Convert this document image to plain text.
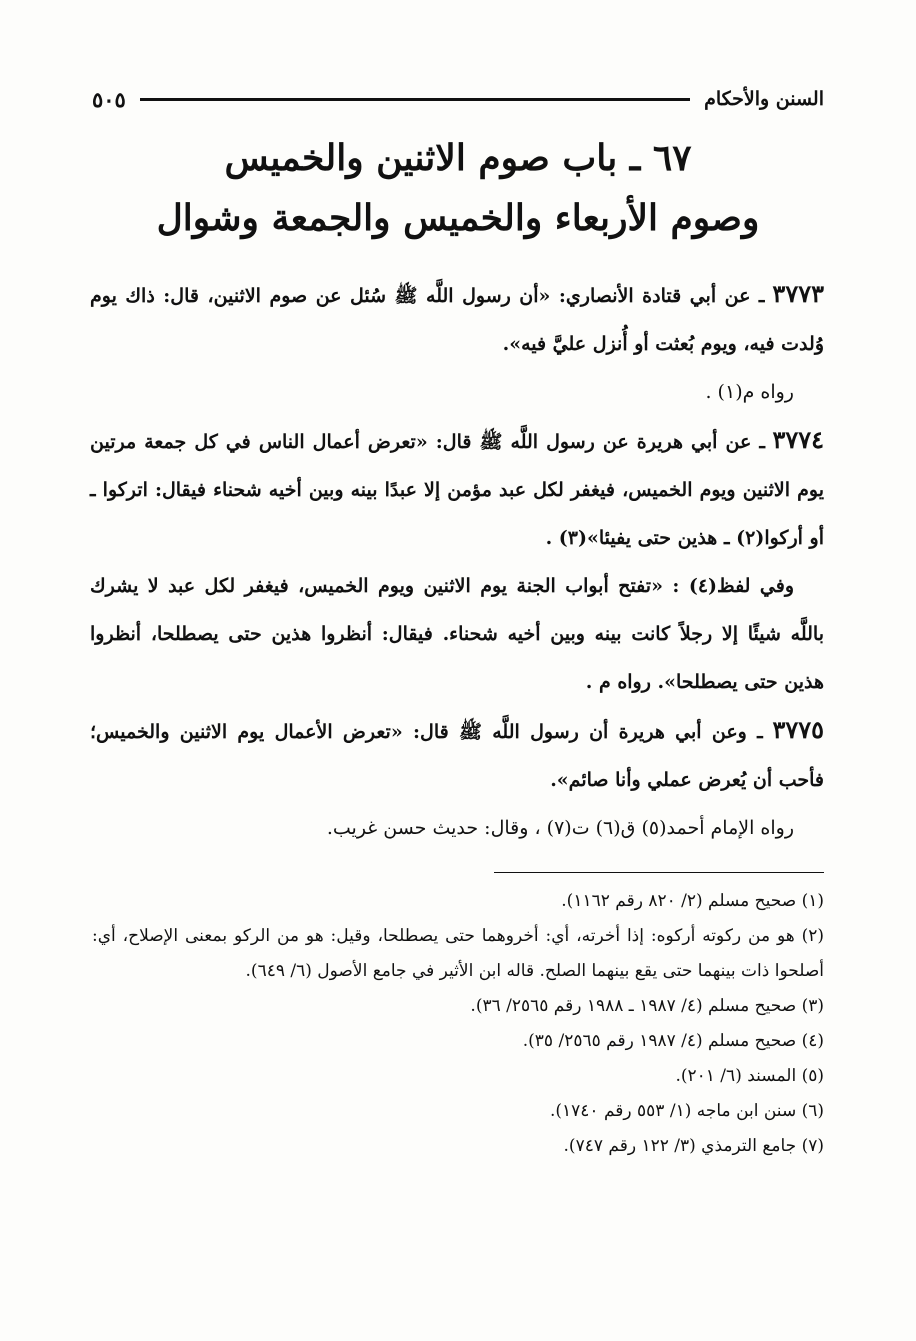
السنن والأحكام
٥٠٥
٦٧ ـ باب صوم الاثنين والخميس
وصوم الأربعاء والخميس والجمعة وشوال

٣٧٧٣ ـ عن أبي قتادة الأنصاري: «أن رسول اللَّه ﷺ سُئل عن صوم الاثنين، قال: ذاك يوم وُلدت فيه، ويوم بُعثت أو أُنزل عليَّ فيه».

رواه م(١) .

٣٧٧٤ ـ عن أبي هريرة عن رسول اللَّه ﷺ قال: «تعرض أعمال الناس في كل جمعة مرتين يوم الاثنين ويوم الخميس، فيغفر لكل عبد مؤمن إلا عبدًا بينه وبين أخيه شحناء فيقال: اتركوا ـ أو أركوا(٢) ـ هذين حتى يفيئا»(٣) .

وفي لفظ(٤) : «تفتح أبواب الجنة يوم الاثنين ويوم الخميس، فيغفر لكل عبد لا يشرك باللَّه شيئًا إلا رجلاً كانت بينه وبين أخيه شحناء. فيقال: أنظروا هذين حتى يصطلحا، أنظروا هذين حتى يصطلحا». رواه م .

٣٧٧٥ ـ وعن أبي هريرة أن رسول اللَّه ﷺ قال: «تعرض الأعمال يوم الاثنين والخميس؛ فأحب أن يُعرض عملي وأنا صائم».

رواه الإمام أحمد(٥) ق(٦) ت(٧) ، وقال: حديث حسن غريب.

(١) صحيح مسلم (٢/ ٨٢٠ رقم ١١٦٢).

(٢) هو من ركوته أركوه: إذا أخرته، أي: أخروهما حتى يصطلحا، وقيل: هو من الركو بمعنى الإصلاح، أي: أصلحوا ذات بينهما حتى يقع بينهما الصلح. قاله ابن الأثير في جامع الأصول (٦/ ٦٤٩).

(٣) صحيح مسلم (٤/ ١٩٨٧ ـ ١٩٨٨ رقم ٢٥٦٥/ ٣٦).

(٤) صحيح مسلم (٤/ ١٩٨٧ رقم ٢٥٦٥/ ٣٥).

(٥) المسند (٦/ ٢٠١).

(٦) سنن ابن ماجه (١/ ٥٥٣ رقم ١٧٤٠).

(٧) جامع الترمذي (٣/ ١٢٢ رقم ٧٤٧).
